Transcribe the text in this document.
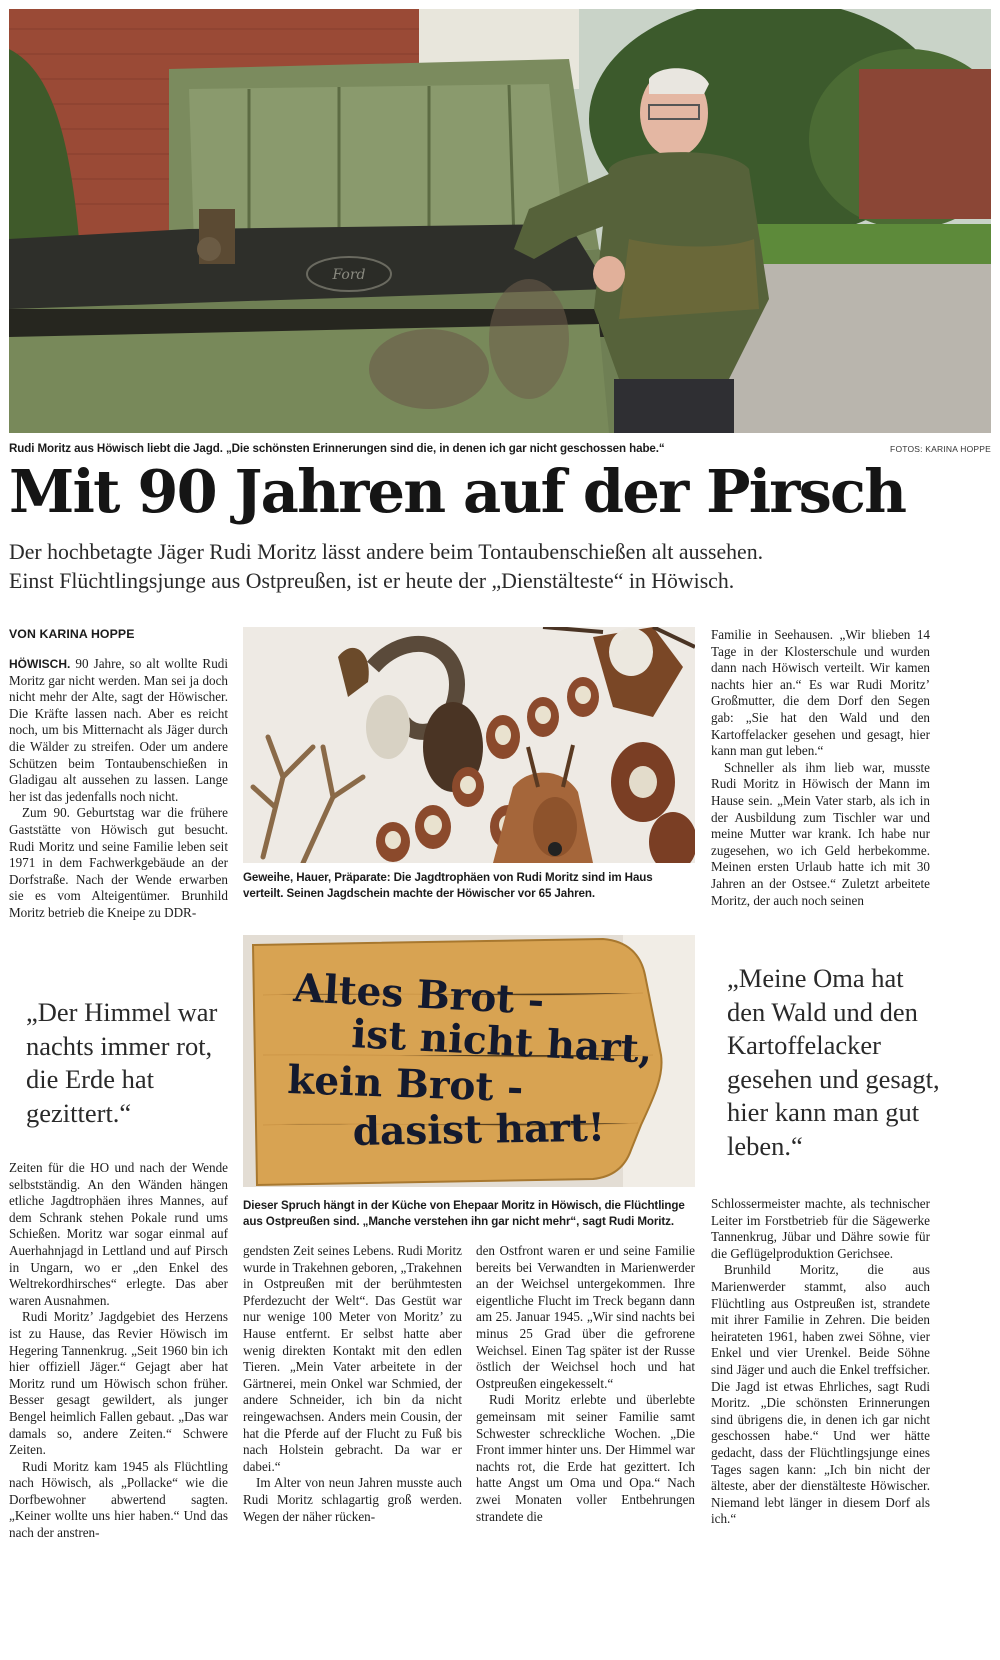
Ford
Rudi Moritz aus Höwisch liebt die Jagd. „Die schönsten Erinnerungen sind die, in denen ich gar nicht geschossen habe.“	FOTOS: KARINA HOPPE
Mit 90 Jahren auf der Pirsch
Der hochbetagte Jäger Rudi Moritz lässt andere beim Tontaubenschießen alt aussehen.
Einst Flüchtlingsjunge aus Ostpreußen, ist er heute der „Dienstälteste“ in Höwisch.
VON KARINA HOPPE

HÖWISCH. 90 Jahre, so alt wollte Rudi Moritz gar nicht werden. Man sei ja doch nicht mehr der Alte, sagt der Höwischer. Die Kräfte lassen nach. Aber es reicht noch, um bis Mitternacht als Jäger durch die Wälder zu streifen. Oder um andere Schützen beim Tontaubenschießen in Gladigau alt aussehen zu lassen. Lange her ist das jedenfalls noch nicht.

Zum 90. Geburtstag war die frühere Gaststätte von Höwisch gut besucht. Rudi Moritz und seine Familie leben seit 1971 in dem Fachwerkgebäude an der Dorfstraße. Nach der Wende erwarben sie es vom Alteigentümer. Brunhild Moritz betrieb die Kneipe zu DDR-

„Der Himmel war nachts immer rot, die Erde hat gezittert.“

Zeiten für die HO und nach der Wende selbstständig. An den Wänden hängen etliche Jagdtrophäen ihres Mannes, auf dem Schrank stehen Pokale rund ums Schießen. Moritz war sogar einmal auf Auerhahnjagd in Lettland und auf Pirsch in Ungarn, wo er „den Enkel des Weltrekordhirsches“ erlegte. Das aber waren Ausnahmen.

Rudi Moritz’ Jagdgebiet des Herzens ist zu Hause, das Revier Höwisch im Hegering Tannenkrug. „Seit 1960 bin ich hier offiziell Jäger.“ Gejagt aber hat Moritz rund um Höwisch schon früher. Besser gesagt gewildert, als junger Bengel heimlich Fallen gebaut. „Das war damals so, andere Zeiten.“ Schwere Zeiten.

Rudi Moritz kam 1945 als Flüchtling nach Höwisch, als „Pollacke“ wie die Dorfbewohner abwertend sagten. „Keiner wollte uns hier haben.“ Und das nach der anstren-

Geweihe, Hauer, Präparate: Die Jagdtrophäen von Rudi Moritz sind im Haus verteilt. Seinen Jagdschein machte der Höwischer vor 65 Jahren.
Altes Brot -
ist nicht hart,
kein Brot -
dasist hart!
Dieser Spruch hängt in der Küche von Ehepaar Moritz in Höwisch, die Flüchtlinge aus Ostpreußen sind. „Manche verstehen ihn gar nicht mehr“, sagt Rudi Moritz.

gendsten Zeit seines Lebens. Rudi Moritz wurde in Trakehnen geboren, „Trakehnen in Ostpreußen mit der berühmtesten Pferdezucht der Welt“. Das Gestüt war nur wenige 100 Meter von Moritz’ zu Hause entfernt. Er selbst hatte aber wenig direkten Kontakt mit den edlen Tieren. „Mein Vater arbeitete in der Gärtnerei, mein Onkel war Schmied, der andere Schneider, ich bin da nicht reingewachsen. Anders mein Cousin, der hat die Pferde auf der Flucht zu Fuß bis nach Holstein gebracht. Da war er dabei.“

Im Alter von neun Jahren musste auch Rudi Moritz schlagartig groß werden. Wegen der näher rücken-

den Ostfront waren er und seine Familie bereits bei Verwandten in Marienwerder an der Weichsel untergekommen. Ihre eigentliche Flucht im Treck begann dann am 25. Januar 1945. „Wir sind nachts bei minus 25 Grad über die gefrorene Weichsel. Einen Tag später ist der Russe östlich der Weichsel hoch und hat Ostpreußen eingekesselt.“

Rudi Moritz erlebte und überlebte gemeinsam mit seiner Familie samt Schwester schreckliche Wochen. „Die Front immer hinter uns. Der Himmel war nachts rot, die Erde hat gezittert. Ich hatte Angst um Oma und Opa.“ Nach zwei Monaten voller Entbehrungen strandete die

Familie in Seehausen. „Wir blieben 14 Tage in der Klosterschule und wurden dann nach Höwisch verteilt. Wir kamen nachts hier an.“ Es war Rudi Moritz’ Großmutter, die dem Dorf den Segen gab: „Sie hat den Wald und den Kartoffelacker gesehen und gesagt, hier kann man gut leben.“

Schneller als ihm lieb war, musste Rudi Moritz in Höwisch der Mann im Hause sein. „Mein Vater starb, als ich in der Ausbildung zum Tischler war und meine Mutter war krank. Ich habe nur zugesehen, wo ich Geld herbekomme. Meinen ersten Urlaub hatte ich mit 30 Jahren an der Ostsee.“ Zuletzt arbeitete Moritz, der auch noch seinen

„Meine Oma hat den Wald und den Kartoffelacker gesehen und gesagt, hier kann man gut leben.“

Schlossermeister machte, als technischer Leiter im Forstbetrieb für die Sägewerke Tannenkrug, Jübar und Dähre sowie für die Geflügelproduktion Gerichsee.

Brunhild Moritz, die aus Marienwerder stammt, also auch Flüchtling aus Ostpreußen ist, strandete mit ihrer Familie in Zehren. Die beiden heirateten 1961, haben zwei Söhne, vier Enkel und vier Urenkel. Beide Söhne sind Jäger und auch die Enkel treffsicher. Die Jagd ist etwas Ehrliches, sagt Rudi Moritz. „Die schönsten Erinnerungen sind übrigens die, in denen ich gar nicht geschossen habe.“ Und wer hätte gedacht, dass der Flüchtlingsjunge eines Tages sagen kann: „Ich bin nicht der älteste, aber der dienstälteste Höwischer. Niemand lebt länger in diesem Dorf als ich.“
